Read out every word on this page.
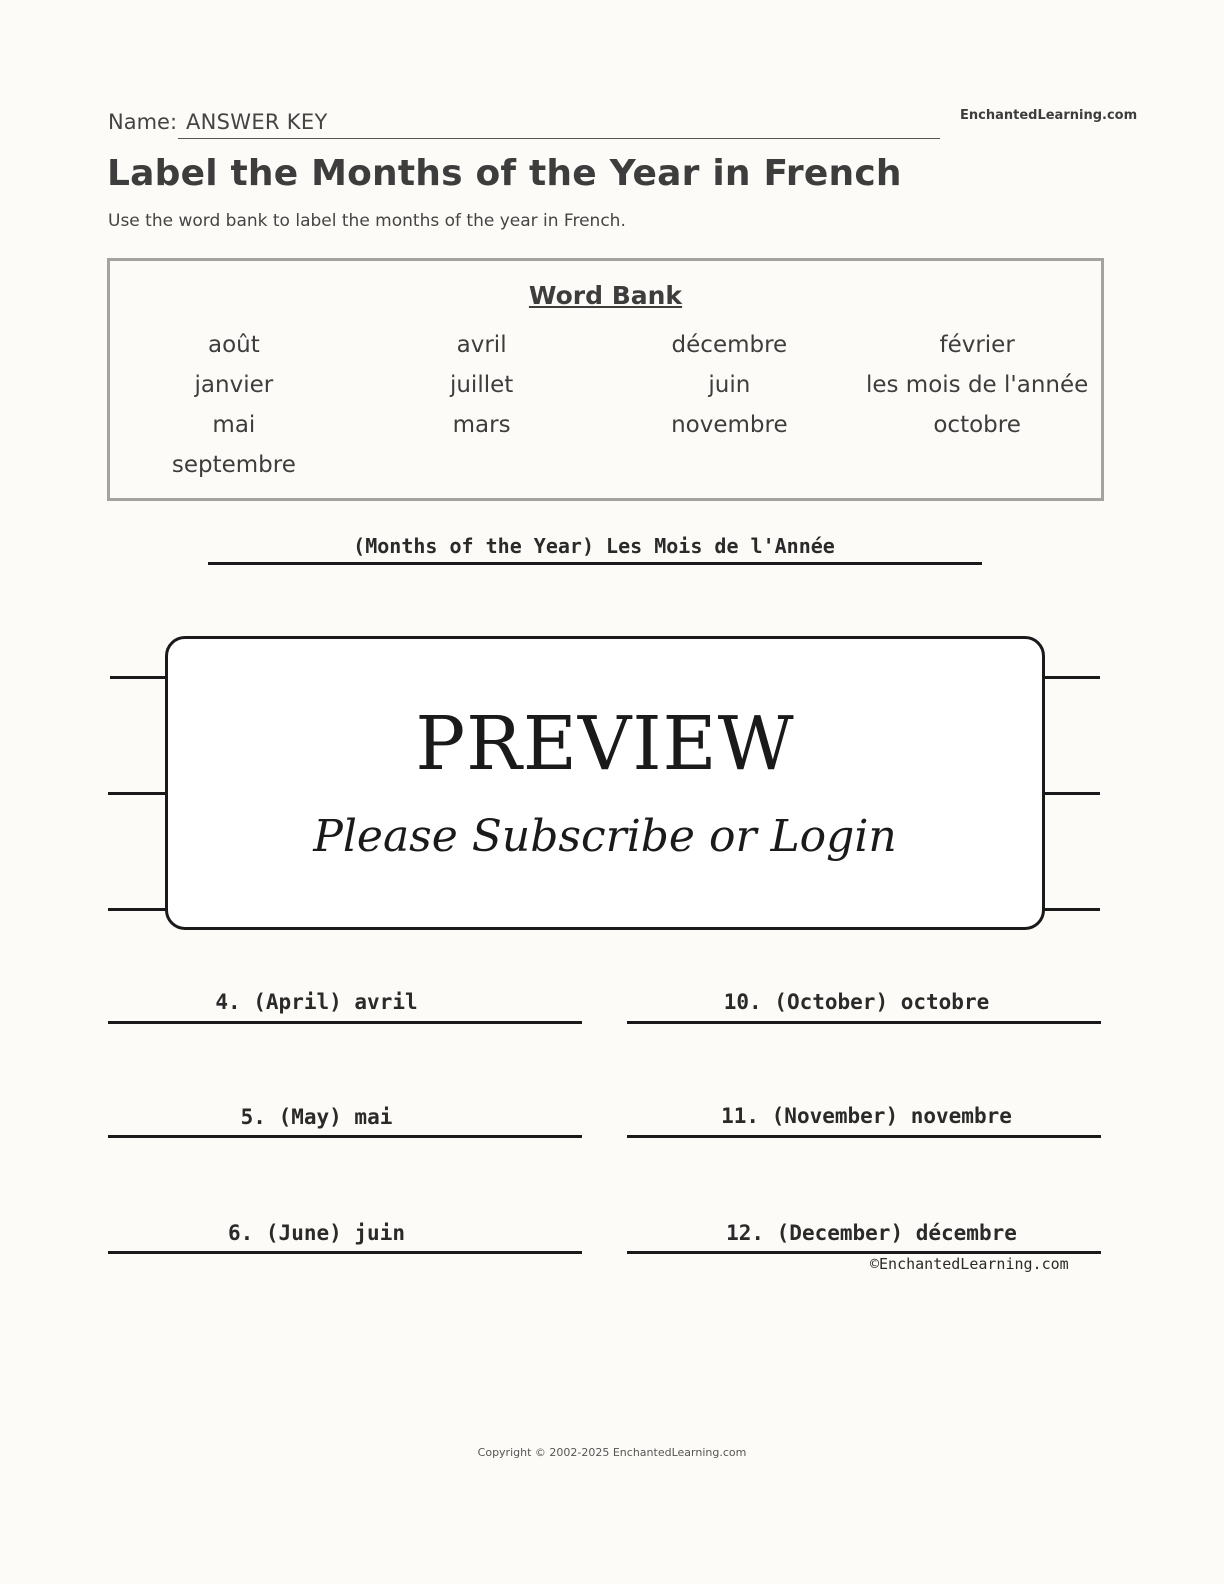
Name: ANSWER KEY	EnchantedLearning.com
Label the Months of the Year in French
Use the word bank to label the months of the year in French.
Word Bank
août	avril	décembre	février
janvier	juillet	juin	les mois de l'année
mai	mars	novembre	octobre
septembre
(Months of the Year) Les Mois de l'Année
PREVIEW
Please Subscribe or Login
4. (April) avril
5. (May) mai
6. (June) juin
10. (October) octobre
11. (November) novembre
12. (December) décembre
©EnchantedLearning.com
Copyright © 2002-2025 EnchantedLearning.com
